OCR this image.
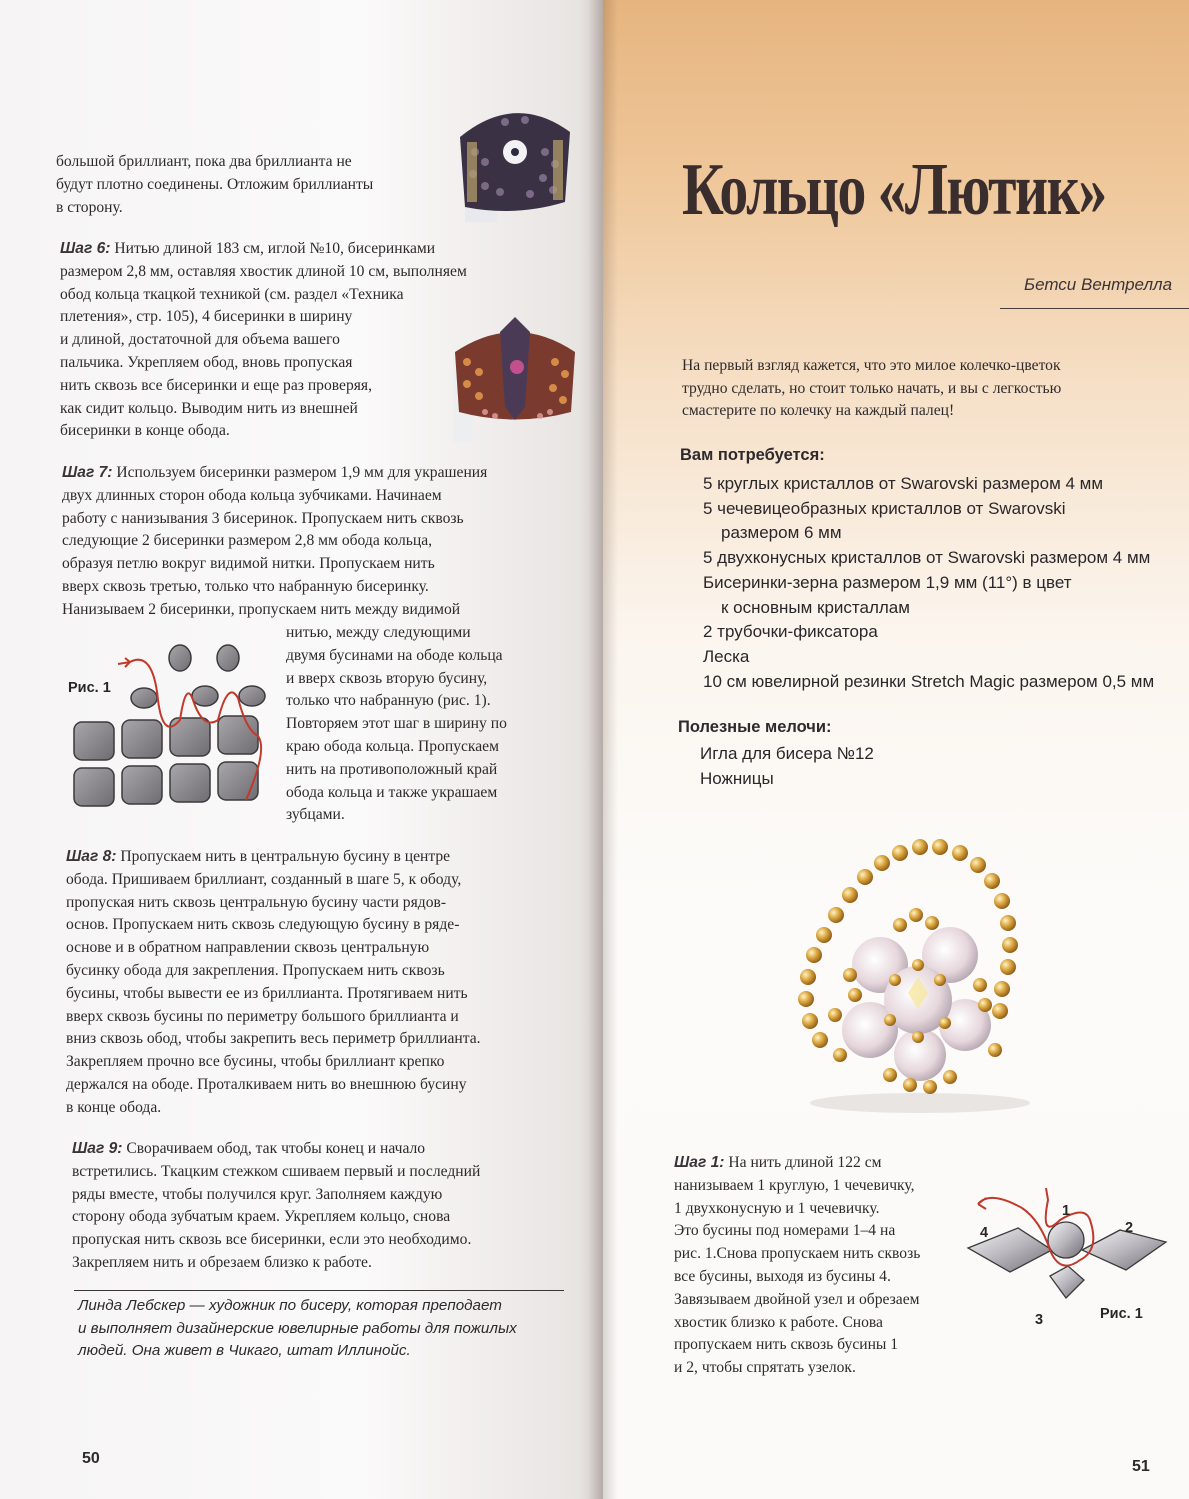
большой бриллиант, пока два бриллианта не
будут плотно соединены. Отложим бриллианты
в сторону.
Шаг 6: Нитью длиной 183 см, иглой №10, бисеринками
размером 2,8 мм, оставляя хвостик длиной 10 см, выполняем
обод кольца ткацкой техникой (см. раздел «Техника
плетения», стр. 105), 4 бисеринки в ширину
и длиной, достаточной для объема вашего
пальчика. Укрепляем обод, вновь пропуская
нить сквозь все бисеринки и еще раз проверяя,
как сидит кольцо. Выводим нить из внешней
бисеринки в конце обода.
Шаг 7: Используем бисеринки размером 1,9 мм для украшения
двух длинных сторон обода кольца зубчиками. Начинаем
работу с нанизывания 3 бисеринок. Пропускаем нить сквозь
следующие 2 бисеринки размером 2,8 мм обода кольца,
образуя петлю вокруг видимой нитки. Пропускаем нить
вверх сквозь третью, только что набранную бисеринку.
Нанизываем 2 бисеринки, пропускаем нить между видимой
нитью, между следующими
двумя бусинами на ободе кольца
и вверх сквозь вторую бусину,
только что набранную (рис. 1).
Повторяем этот шаг в ширину по
краю обода кольца. Пропускаем
нить на противоположный край
обода кольца и также украшаем
зубцами.
Рис. 1
Шаг 8: Пропускаем нить в центральную бусину в центре
обода. Пришиваем бриллиант, созданный в шаге 5, к ободу,
пропуская нить сквозь центральную бусину части рядов-
основ. Пропускаем нить сквозь следующую бусину в ряде-
основе и в обратном направлении сквозь центральную
бусинку обода для закрепления. Пропускаем нить сквозь
бусины, чтобы вывести ее из бриллианта. Протягиваем нить
вверх сквозь бусины по периметру большого бриллианта и
вниз сквозь обод, чтобы закрепить весь периметр бриллианта.
Закрепляем прочно все бусины, чтобы бриллиант крепко
держался на ободе. Проталкиваем нить во внешнюю бусину
в конце обода.
Шаг 9: Сворачиваем обод, так чтобы конец и начало
встретились. Ткацким стежком сшиваем первый и последний
ряды вместе, чтобы получился круг. Заполняем каждую
сторону обода зубчатым краем. Укрепляем кольцо, снова
пропуская нить сквозь все бисеринки, если это необходимо.
Закрепляем нить и обрезаем близко к работе.
Линда Лебскер — художник по бисеру, которая преподает
и выполняет дизайнерские ювелирные работы для пожилых
людей. Она живет в Чикаго, штат Иллинойс.
50
Кольцо «Лютик»
Бетси Вентрелла
На первый взгляд кажется, что это милое колечко-цветок
трудно сделать, но стоит только начать, и вы с легкостью
смастерите по колечку на каждый палец!
Вам потребуется:
5 круглых кристаллов от Swarovski размером 4 мм
5 чечевицеобразных кристаллов от Swarovski
размером 6 мм
5 двухконусных кристаллов от Swarovski размером 4 мм
Бисеринки-зерна размером 1,9 мм (11°) в цвет
к основным кристаллам
2 трубочки-фиксатора
Леска
10 см ювелирной резинки Stretch Magic размером 0,5 мм
Полезные мелочи:
Игла для бисера №12
Ножницы
Шаг 1: На нить длиной 122 см
нанизываем 1 круглую, 1 чечевичку,
1 двухконусную и 1 чечевичку.
Это бусины под номерами 1–4 на
рис. 1.Снова пропускаем нить сквозь
все бусины, выходя из бусины 4.
Завязываем двойной узел и обрезаем
хвостик близко к работе. Снова
пропускаем нить сквозь бусины 1
и 2, чтобы спрятать узелок.
1
2
3
4
Рис. 1
51
